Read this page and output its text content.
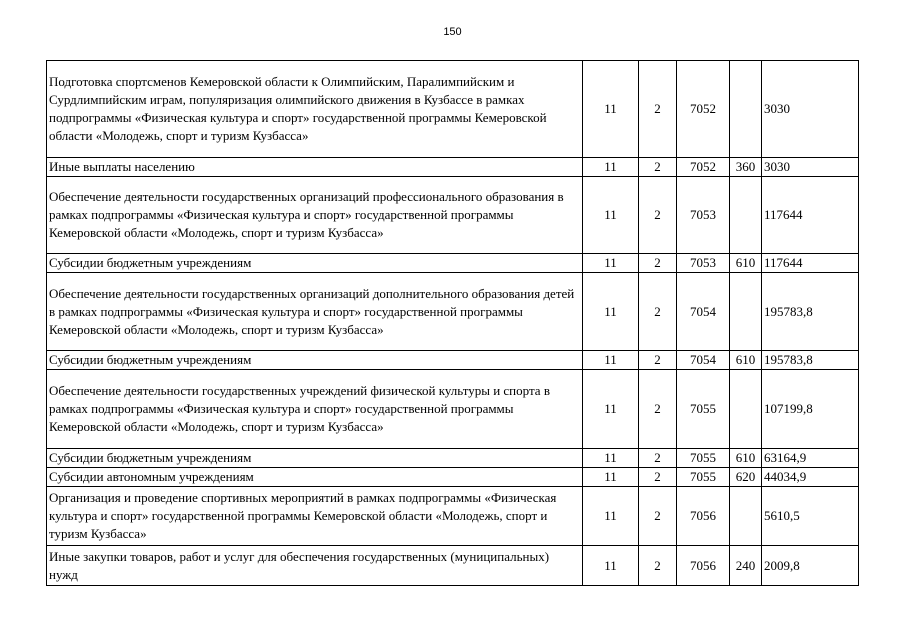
150
Подготовка спортсменов Кемеровской области к Олимпийским, Паралимпийским и Сурдлимпийским играм, популяризация олимпийского движения в Кузбассе в рамках подпрограммы «Физическая культура и спорт» государственной программы Кемеровской области «Молодежь, спорт и туризм Кузбасса»	11	2	7052		3030
Иные выплаты населению	11	2	7052	360	3030
Обеспечение деятельности государственных организаций профессионального образования в рамках подпрограммы «Физическая культура и спорт» государственной программы Кемеровской области «Молодежь, спорт и туризм Кузбасса»	11	2	7053		117644
Субсидии бюджетным учреждениям	11	2	7053	610	117644
Обеспечение деятельности государственных организаций дополнительного образования детей в рамках подпрограммы «Физическая культура и спорт» государственной программы Кемеровской области «Молодежь, спорт и туризм Кузбасса»	11	2	7054		195783,8
Субсидии бюджетным учреждениям	11	2	7054	610	195783,8
Обеспечение деятельности государственных учреждений физической культуры и спорта в рамках подпрограммы «Физическая культура и спорт» государственной программы Кемеровской области «Молодежь, спорт и туризм Кузбасса»	11	2	7055		107199,8
Субсидии бюджетным учреждениям	11	2	7055	610	63164,9
Субсидии автономным учреждениям	11	2	7055	620	44034,9
Организация и проведение спортивных мероприятий в рамках подпрограммы «Физическая культура и спорт» государственной программы Кемеровской области «Молодежь, спорт и туризм Кузбасса»	11	2	7056		5610,5
Иные закупки товаров, работ и услуг для обеспечения государственных (муниципальных) нужд	11	2	7056	240	2009,8
